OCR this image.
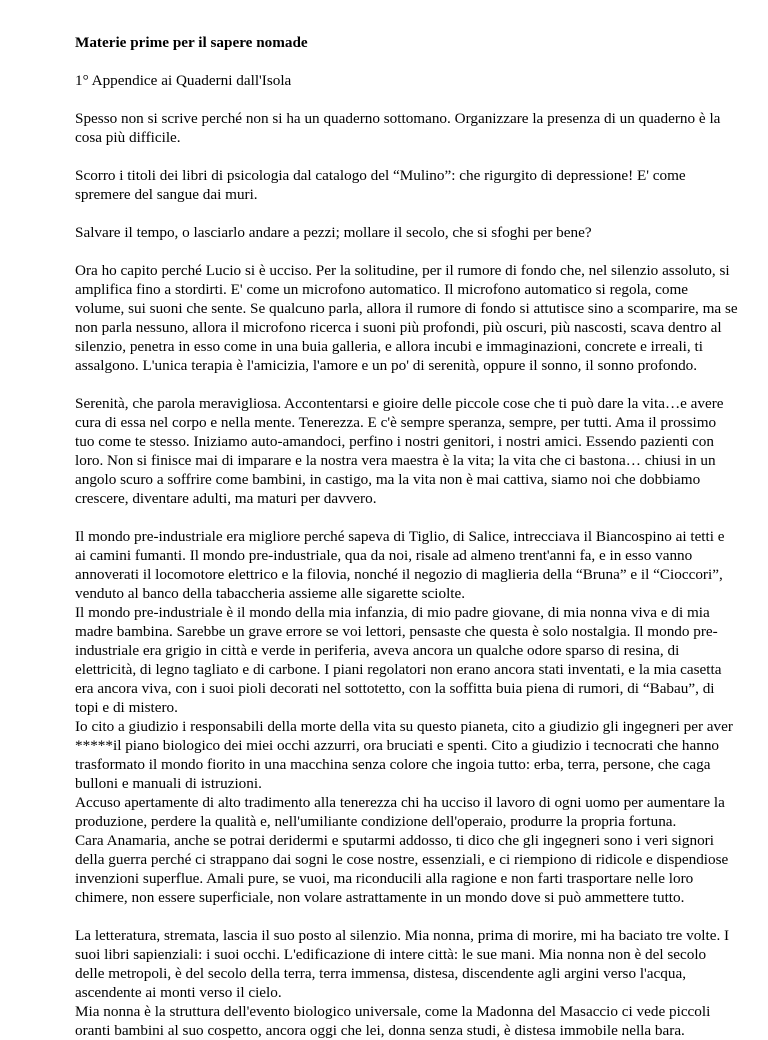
Materie prime per il sapere nomade

1° Appendice ai Quaderni dall'Isola

Spesso non si scrive perché non si ha un quaderno sottomano. Organizzare la presenza di un quaderno è la cosa più difficile.

Scorro i titoli dei libri di psicologia dal catalogo del “Mulino”: che rigurgito di depressione! E' come spremere del sangue dai muri.

Salvare il tempo, o lasciarlo andare a pezzi; mollare il secolo, che si sfoghi per bene?

Ora ho capito perché Lucio si è ucciso. Per la solitudine, per il rumore di fondo che, nel silenzio assoluto, si amplifica fino a stordirti. E' come un microfono automatico. Il microfono automatico si regola, come volume, sui suoni che sente. Se qualcuno parla, allora il rumore di fondo si attutisce sino a scomparire, ma se non parla nessuno, allora il microfono ricerca i suoni più profondi, più oscuri, più nascosti, scava dentro al silenzio, penetra in esso come in una buia galleria, e allora incubi e immaginazioni, concrete e irreali, ti assalgono. L'unica terapia è l'amicizia, l'amore e un po' di serenità, oppure il sonno, il sonno profondo.

Serenità, che parola meravigliosa. Accontentarsi e gioire delle piccole cose che ti può dare la vita…e avere cura di essa nel corpo e nella mente. Tenerezza. E c'è sempre speranza, sempre, per tutti. Ama il prossimo tuo come te stesso. Iniziamo auto-amandoci, perfino i nostri genitori, i nostri amici. Essendo pazienti con loro. Non si finisce mai di imparare e la nostra vera maestra è la vita; la vita che ci bastona… chiusi in un angolo scuro a soffrire come bambini, in castigo, ma la vita non è mai cattiva, siamo noi che dobbiamo crescere, diventare adulti, ma maturi per davvero.

Il mondo pre-industriale era migliore perché sapeva di Tiglio, di Salice, intrecciava il Biancospino ai tetti e ai camini fumanti. Il mondo pre-industriale, qua da noi, risale ad almeno trent'anni fa, e in esso vanno annoverati il locomotore elettrico e la filovia, nonché il negozio di maglieria della “Bruna” e il “Cioccori”, venduto al banco della tabaccheria assieme alle sigarette sciolte.

Il mondo pre-industriale è il mondo della mia infanzia, di mio padre giovane, di mia nonna viva e di mia madre bambina. Sarebbe un grave errore se voi lettori, pensaste che questa è solo nostalgia. Il mondo pre-industriale era grigio in città e verde in periferia, aveva ancora un qualche odore sparso di resina, di elettricità, di legno tagliato e di carbone. I piani regolatori non erano ancora stati inventati, e la mia casetta era ancora viva, con i suoi pioli decorati nel sottotetto, con la soffitta buia piena di rumori, di “Babau”, di topi e di mistero.

Io cito a giudizio i responsabili della morte della vita su questo pianeta, cito a giudizio gli ingegneri per aver *****il piano biologico dei miei occhi azzurri, ora bruciati e spenti. Cito a giudizio i tecnocrati che hanno trasformato il mondo fiorito in una macchina senza colore che ingoia tutto: erba, terra, persone, che caga bulloni e manuali di istruzioni.

Accuso apertamente di alto tradimento alla tenerezza chi ha ucciso il lavoro di ogni uomo per aumentare la produzione, perdere la qualità e, nell'umiliante condizione dell'operaio, produrre la propria fortuna.

Cara Anamaria, anche se potrai deridermi e sputarmi addosso, ti dico che gli ingegneri sono i veri signori della guerra perché ci strappano dai sogni le cose nostre, essenziali, e ci riempiono di ridicole e dispendiose invenzioni superflue. Amali pure, se vuoi, ma riconducili alla ragione e non farti trasportare nelle loro chimere, non essere superficiale, non volare astrattamente in un mondo dove si può ammettere tutto.

La letteratura, stremata, lascia il suo posto al silenzio. Mia nonna, prima di morire, mi ha baciato tre volte. I suoi libri sapienziali: i suoi occhi. L'edificazione di intere città: le sue mani. Mia nonna non è del secolo delle metropoli, è del secolo della terra, terra immensa, distesa, discendente agli argini verso l'acqua, ascendente ai monti verso il cielo.

Mia nonna è la struttura dell'evento biologico universale, come la Madonna del Masaccio ci vede piccoli oranti bambini al suo cospetto, ancora oggi che lei, donna senza studi, è distesa immobile nella bara.
